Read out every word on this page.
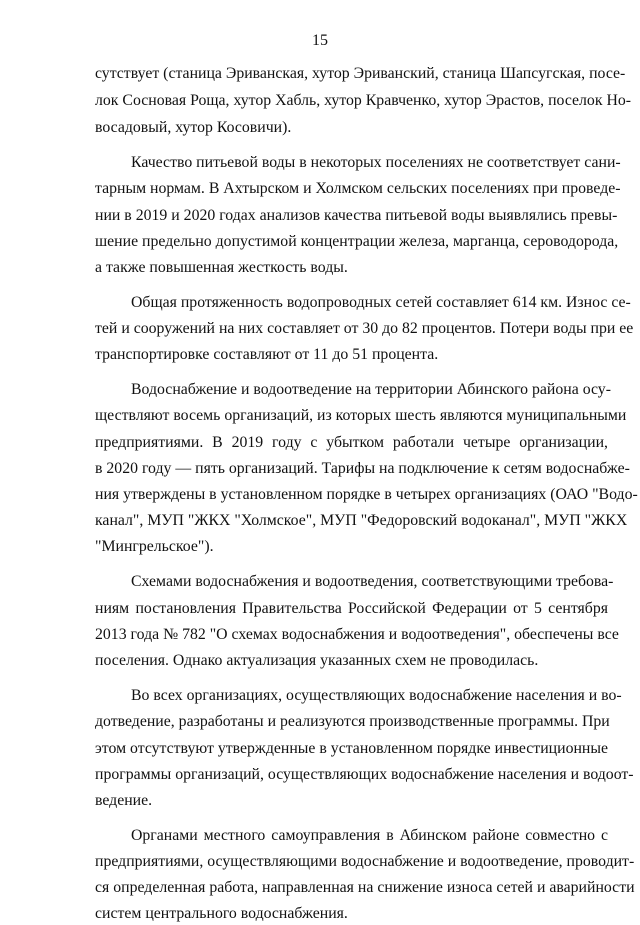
15
сутствует (станица Эриванская, хутор Эриванский, станица Шапсугская, посе-
лок Сосновая Роща, хутор Хабль, хутор Кравченко, хутор Эрастов, поселок Но-
восадовый, хутор Косовичи).
Качество питьевой воды в некоторых поселениях не соответствует сани-
тарным нормам. В Ахтырском и Холмском сельских поселениях при проведе-
нии в 2019 и 2020 годах анализов качества питьевой воды выявлялись превы-
шение предельно допустимой концентрации железа, марганца, сероводорода,
а также повышенная жесткость воды.
Общая протяженность водопроводных сетей составляет 614 км. Износ се-
тей и сооружений на них составляет от 30 до 82 процентов. Потери воды при ее
транспортировке составляют от 11 до 51 процента.
Водоснабжение и водоотведение на территории Абинского района осу-
ществляют восемь организаций, из которых шесть являются муниципальными
предприятиями. В 2019 году с убытком работали четыре организации,
в 2020 году — пять организаций. Тарифы на подключение к сетям водоснабже-
ния утверждены в установленном порядке в четырех организациях (ОАО "Водо-
канал", МУП "ЖКХ "Холмское", МУП "Федоровский водоканал", МУП "ЖКХ
"Мингрельское").
Схемами водоснабжения и водоотведения, соответствующими требова-
ниям постановления Правительства Российской Федерации от 5 сентября
2013 года № 782 "О схемах водоснабжения и водоотведения", обеспечены все
поселения. Однако актуализация указанных схем не проводилась.
Во всех организациях, осуществляющих водоснабжение населения и во-
дотведение, разработаны и реализуются производственные программы. При
этом отсутствуют утвержденные в установленном порядке инвестиционные
программы организаций, осуществляющих водоснабжение населения и водоот-
ведение.
Органами местного самоуправления в Абинском районе совместно с
предприятиями, осуществляющими водоснабжение и водоотведение, проводит-
ся определенная работа, направленная на снижение износа сетей и аварийности
систем центрального водоснабжения.
